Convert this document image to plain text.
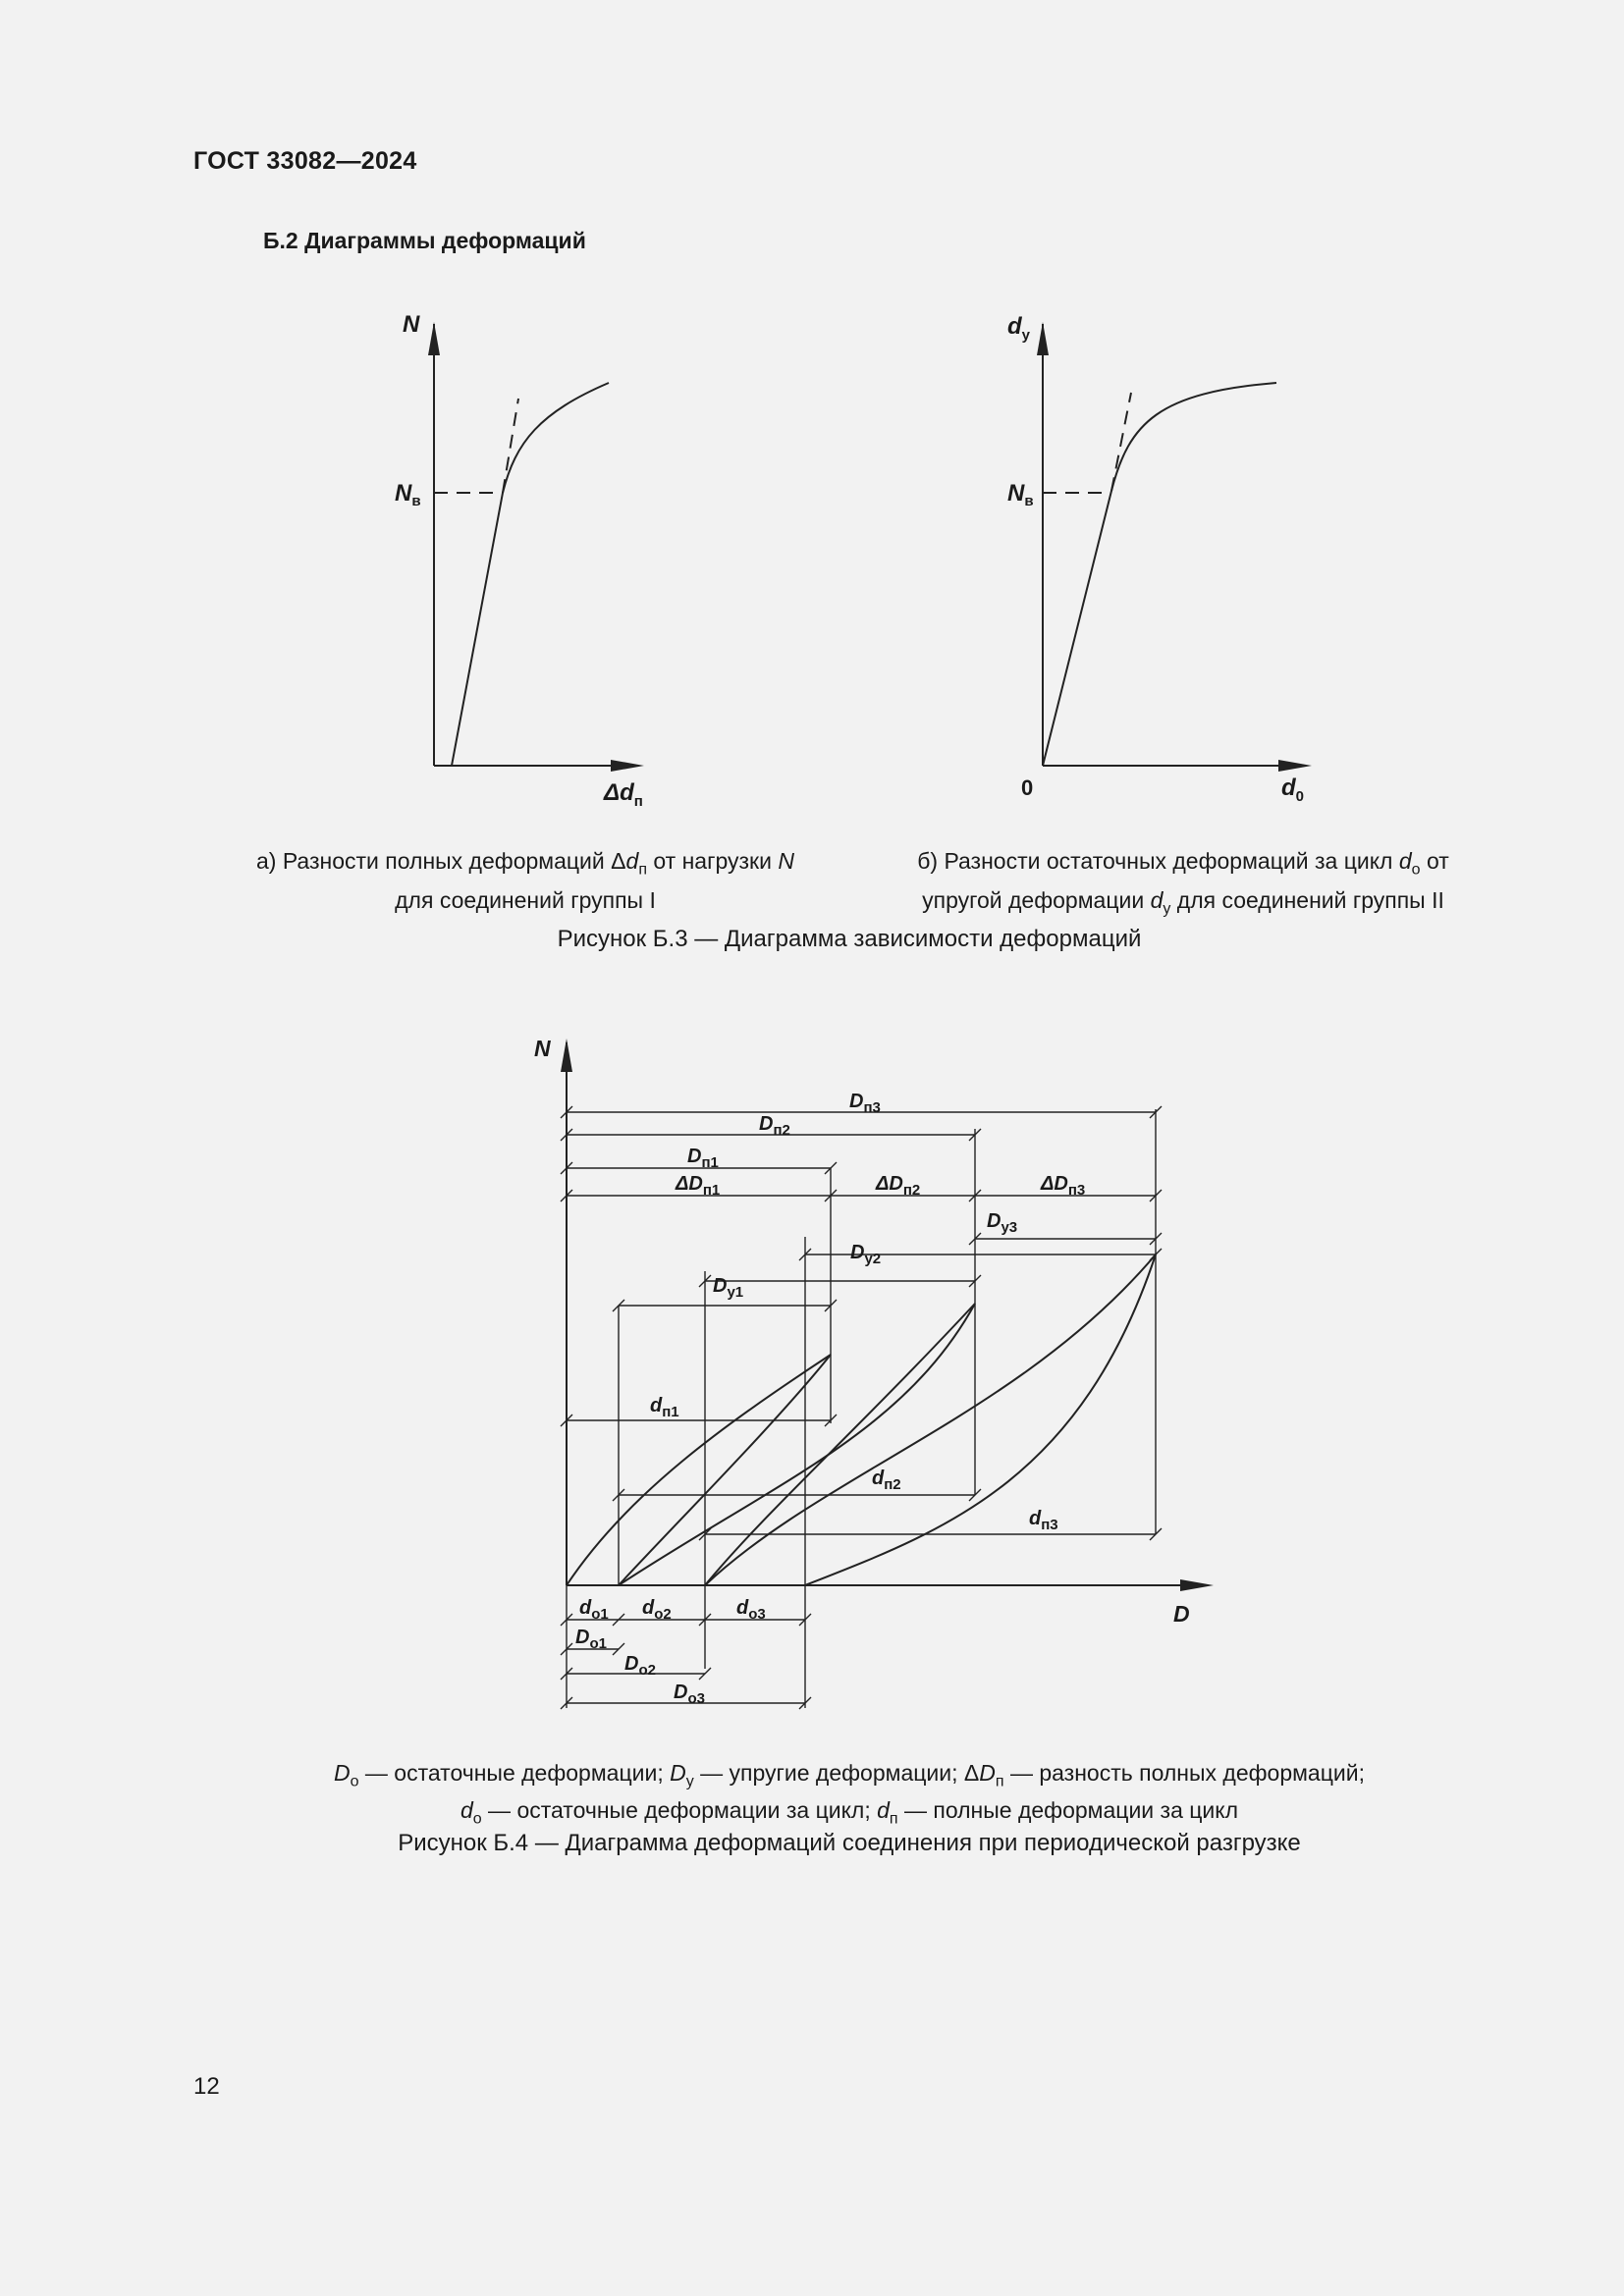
ГОСТ 33082—2024
Б.2 Диаграммы деформаций
N
$N_в$
$\Delta d_п$
$d_у$
$N_в$
0	$d_0$
а) Разности полных деформаций $\Delta d_п$ от нагрузки N
для соединений группы I
б) Разности остаточных деформаций за цикл $d_о$ от
упругой деформации $d_у$ для соединений группы II
Рисунок Б.3 — Диаграмма зависимости деформаций
N
D
$D_{п3}$
$D_{п2}$
$D_{п1}$
$\Delta D_{п1}$	$\Delta D_{п2}$	$\Delta D_{п3}$
$D_{у3}$
$D_{у2}$
$D_{у1}$
$d_{п1}$
$d_{п2}$
$d_{п3}$
$d_{о1}$ $d_{о2}$	$d_{о3}$
$D_{о1}$
$D_{о2}$
$D_{о3}$
$D_о$ — остаточные деформации; $D_у$ — упругие деформации; $\Delta D_п$ — разность полных деформаций;
$d_о$ — остаточные деформации за цикл; $d_п$ — полные деформации за цикл
Рисунок Б.4 — Диаграмма деформаций соединения при периодической разгрузке
12
